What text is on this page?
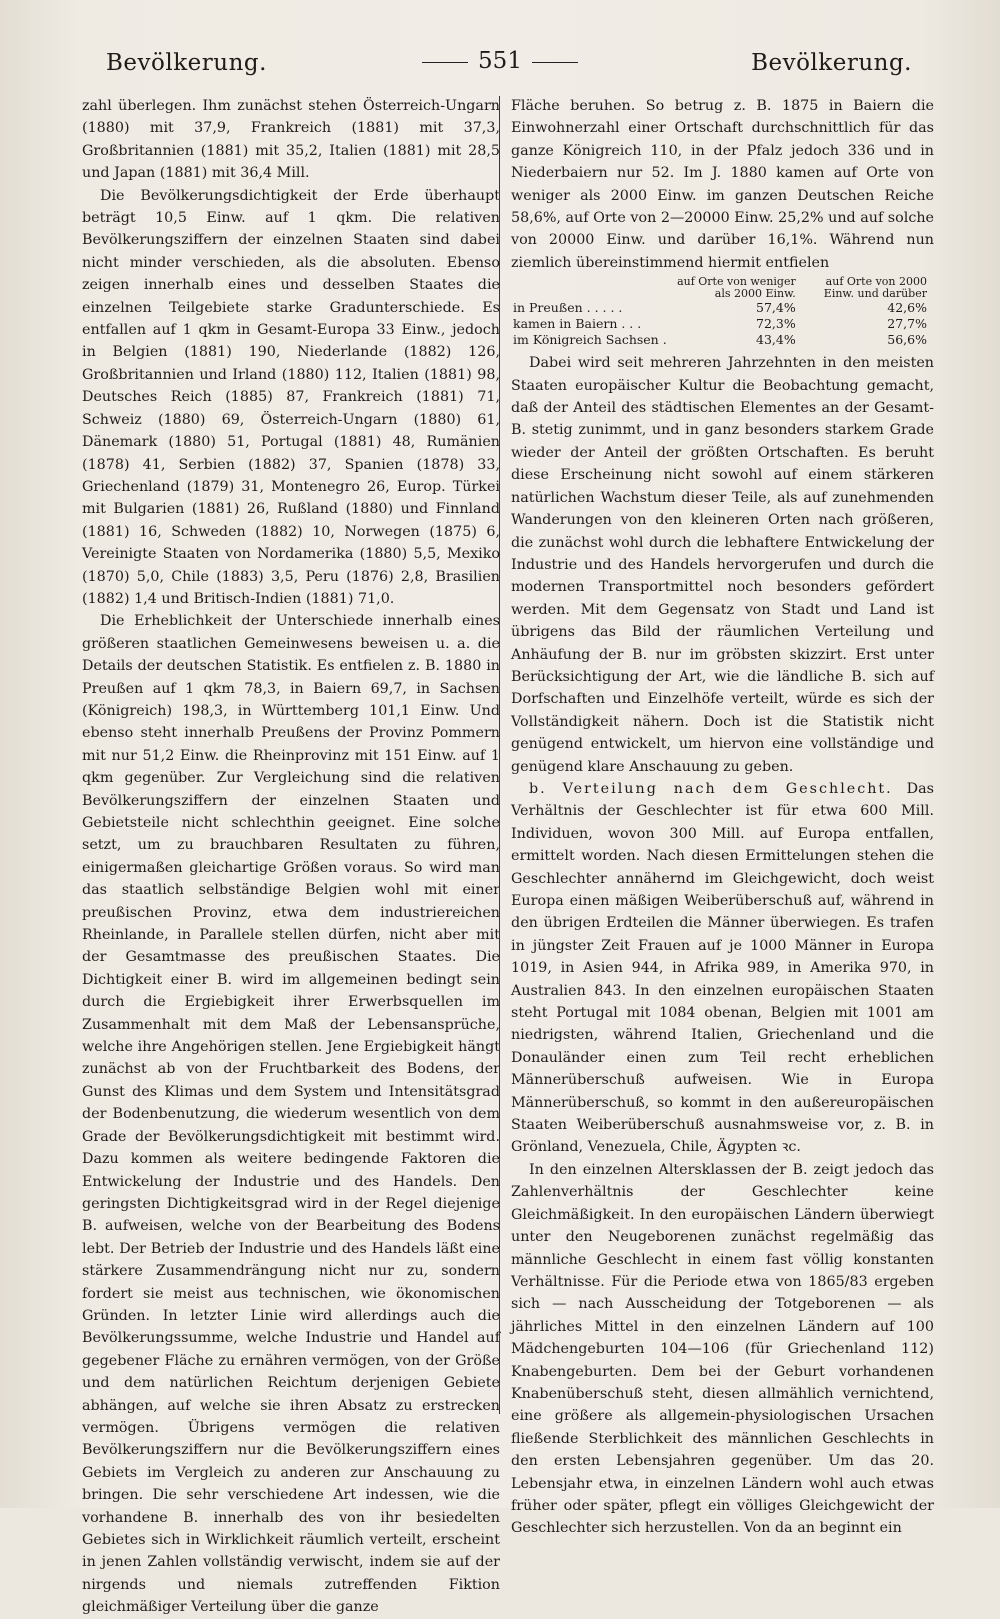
Bevölkerung.	551	Bevölkerung.

zahl überlegen. Ihm zunächst stehen Österreich-Ungarn (1880) mit 37,9, Frankreich (1881) mit 37,3, Großbritannien (1881) mit 35,2, Italien (1881) mit 28,5 und Japan (1881) mit 36,4 Mill.

Die Bevölkerungsdichtigkeit der Erde überhaupt beträgt 10,5 Einw. auf 1 qkm. Die relativen Bevölkerungsziffern der einzelnen Staaten sind dabei nicht minder verschieden, als die absoluten. Ebenso zeigen innerhalb eines und desselben Staates die einzelnen Teilgebiete starke Gradunterschiede. Es entfallen auf 1 qkm in Gesamt-Europa 33 Einw., jedoch in Belgien (1881) 190, Niederlande (1882) 126, Großbritannien und Irland (1880) 112, Italien (1881) 98, Deutsches Reich (1885) 87, Frankreich (1881) 71, Schweiz (1880) 69, Österreich-Ungarn (1880) 61, Dänemark (1880) 51, Portugal (1881) 48, Rumänien (1878) 41, Serbien (1882) 37, Spanien (1878) 33, Griechenland (1879) 31, Montenegro 26, Europ. Türkei mit Bulgarien (1881) 26, Rußland (1880) und Finnland (1881) 16, Schweden (1882) 10, Norwegen (1875) 6, Vereinigte Staaten von Nordamerika (1880) 5,5, Mexiko (1870) 5,0, Chile (1883) 3,5, Peru (1876) 2,8, Brasilien (1882) 1,4 und Britisch-Indien (1881) 71,0.

Die Erheblichkeit der Unterschiede innerhalb eines größeren staatlichen Gemeinwesens beweisen u. a. die Details der deutschen Statistik. Es entfielen z. B. 1880 in Preußen auf 1 qkm 78,3, in Baiern 69,7, in Sachsen (Königreich) 198,3, in Württemberg 101,1 Einw. Und ebenso steht innerhalb Preußens der Provinz Pommern mit nur 51,2 Einw. die Rheinprovinz mit 151 Einw. auf 1 qkm gegenüber. Zur Vergleichung sind die relativen Bevölkerungsziffern der einzelnen Staaten und Gebietsteile nicht schlechthin geeignet. Eine solche setzt, um zu brauchbaren Resultaten zu führen, einigermaßen gleichartige Größen voraus. So wird man das staatlich selbständige Belgien wohl mit einer preußischen Provinz, etwa dem industriereichen Rheinlande, in Parallele stellen dürfen, nicht aber mit der Gesamtmasse des preußischen Staates. Die Dichtigkeit einer B. wird im allgemeinen bedingt sein durch die Ergiebigkeit ihrer Erwerbsquellen im Zusammenhalt mit dem Maß der Lebensansprüche, welche ihre Angehörigen stellen. Jene Ergiebigkeit hängt zunächst ab von der Fruchtbarkeit des Bodens, der Gunst des Klimas und dem System und Intensitätsgrad der Bodenbenutzung, die wiederum wesentlich von dem Grade der Bevölkerungsdichtigkeit mit bestimmt wird. Dazu kommen als weitere bedingende Faktoren die Entwickelung der Industrie und des Handels. Den geringsten Dichtigkeitsgrad wird in der Regel diejenige B. aufweisen, welche von der Bearbeitung des Bodens lebt. Der Betrieb der Industrie und des Handels läßt eine stärkere Zusammendrängung nicht nur zu, sondern fordert sie meist aus technischen, wie ökonomischen Gründen. In letzter Linie wird allerdings auch die Bevölkerungssumme, welche Industrie und Handel auf gegebener Fläche zu ernähren vermögen, von der Größe und dem natürlichen Reichtum derjenigen Gebiete abhängen, auf welche sie ihren Absatz zu erstrecken vermögen. Übrigens vermögen die relativen Bevölkerungsziffern nur die Bevölkerungsziffern eines Gebiets im Vergleich zu anderen zur Anschauung zu bringen. Die sehr verschiedene Art indessen, wie die vorhandene B. innerhalb des von ihr besiedelten Gebietes sich in Wirklichkeit räumlich verteilt, erscheint in jenen Zahlen vollständig verwischt, indem sie auf der nirgends und niemals zutreffenden Fiktion gleichmäßiger Verteilung über die ganze

Fläche beruhen. So betrug z. B. 1875 in Baiern die Einwohnerzahl einer Ortschaft durchschnittlich für das ganze Königreich 110, in der Pfalz jedoch 336 und in Niederbaiern nur 52. Im J. 1880 kamen auf Orte von weniger als 2000 Einw. im ganzen Deutschen Reiche 58,6%, auf Orte von 2—20000 Einw. 25,2% und auf solche von 20000 Einw. und darüber 16,1%. Während nun ziemlich übereinstimmend hiermit entfielen

	auf Orte von weniger als 2000 Einw.	auf Orte von 2000 Einw. und darüber
in Preußen . . . . .	57,4%	42,6%
kamen in Baiern . . .	72,3%	27,7%
im Königreich Sachsen .	43,4%	56,6%

Dabei wird seit mehreren Jahrzehnten in den meisten Staaten europäischer Kultur die Beobachtung gemacht, daß der Anteil des städtischen Elementes an der Gesamt-B. stetig zunimmt, und in ganz besonders starkem Grade wieder der Anteil der größten Ortschaften. Es beruht diese Erscheinung nicht sowohl auf einem stärkeren natürlichen Wachstum dieser Teile, als auf zunehmenden Wanderungen von den kleineren Orten nach größeren, die zunächst wohl durch die lebhaftere Entwickelung der Industrie und des Handels hervorgerufen und durch die modernen Transportmittel noch besonders gefördert werden. Mit dem Gegensatz von Stadt und Land ist übrigens das Bild der räumlichen Verteilung und Anhäufung der B. nur im gröbsten skizzirt. Erst unter Berücksichtigung der Art, wie die ländliche B. sich auf Dorfschaften und Einzelhöfe verteilt, würde es sich der Vollständigkeit nähern. Doch ist die Statistik nicht genügend entwickelt, um hiervon eine vollständige und genügend klare Anschauung zu geben.

b. Verteilung nach dem Geschlecht. Das Verhältnis der Geschlechter ist für etwa 600 Mill. Individuen, wovon 300 Mill. auf Europa entfallen, ermittelt worden. Nach diesen Ermittelungen stehen die Geschlechter annähernd im Gleichgewicht, doch weist Europa einen mäßigen Weiberüberschuß auf, während in den übrigen Erdteilen die Männer überwiegen. Es trafen in jüngster Zeit Frauen auf je 1000 Männer in Europa 1019, in Asien 944, in Afrika 989, in Amerika 970, in Australien 843. In den einzelnen europäischen Staaten steht Portugal mit 1084 obenan, Belgien mit 1001 am niedrigsten, während Italien, Griechenland und die Donauländer einen zum Teil recht erheblichen Männerüberschuß aufweisen. Wie in Europa Männerüberschuß, so kommt in den außereuropäischen Staaten Weiberüberschuß ausnahmsweise vor, z. B. in Grönland, Venezuela, Chile, Ägypten ꝛc.

In den einzelnen Altersklassen der B. zeigt jedoch das Zahlenverhältnis der Geschlechter keine Gleichmäßigkeit. In den europäischen Ländern überwiegt unter den Neugeborenen zunächst regelmäßig das männliche Geschlecht in einem fast völlig konstanten Verhältnisse. Für die Periode etwa von 1865/83 ergeben sich — nach Ausscheidung der Totgeborenen — als jährliches Mittel in den einzelnen Ländern auf 100 Mädchengeburten 104—106 (für Griechenland 112) Knabengeburten. Dem bei der Geburt vorhandenen Knabenüberschuß steht, diesen allmählich vernichtend, eine größere als allgemein-physiologischen Ursachen fließende Sterblichkeit des männlichen Geschlechts in den ersten Lebensjahren gegenüber. Um das 20. Lebensjahr etwa, in einzelnen Ländern wohl auch etwas früher oder später, pflegt ein völliges Gleichgewicht der Geschlechter sich herzustellen. Von da an beginnt ein
